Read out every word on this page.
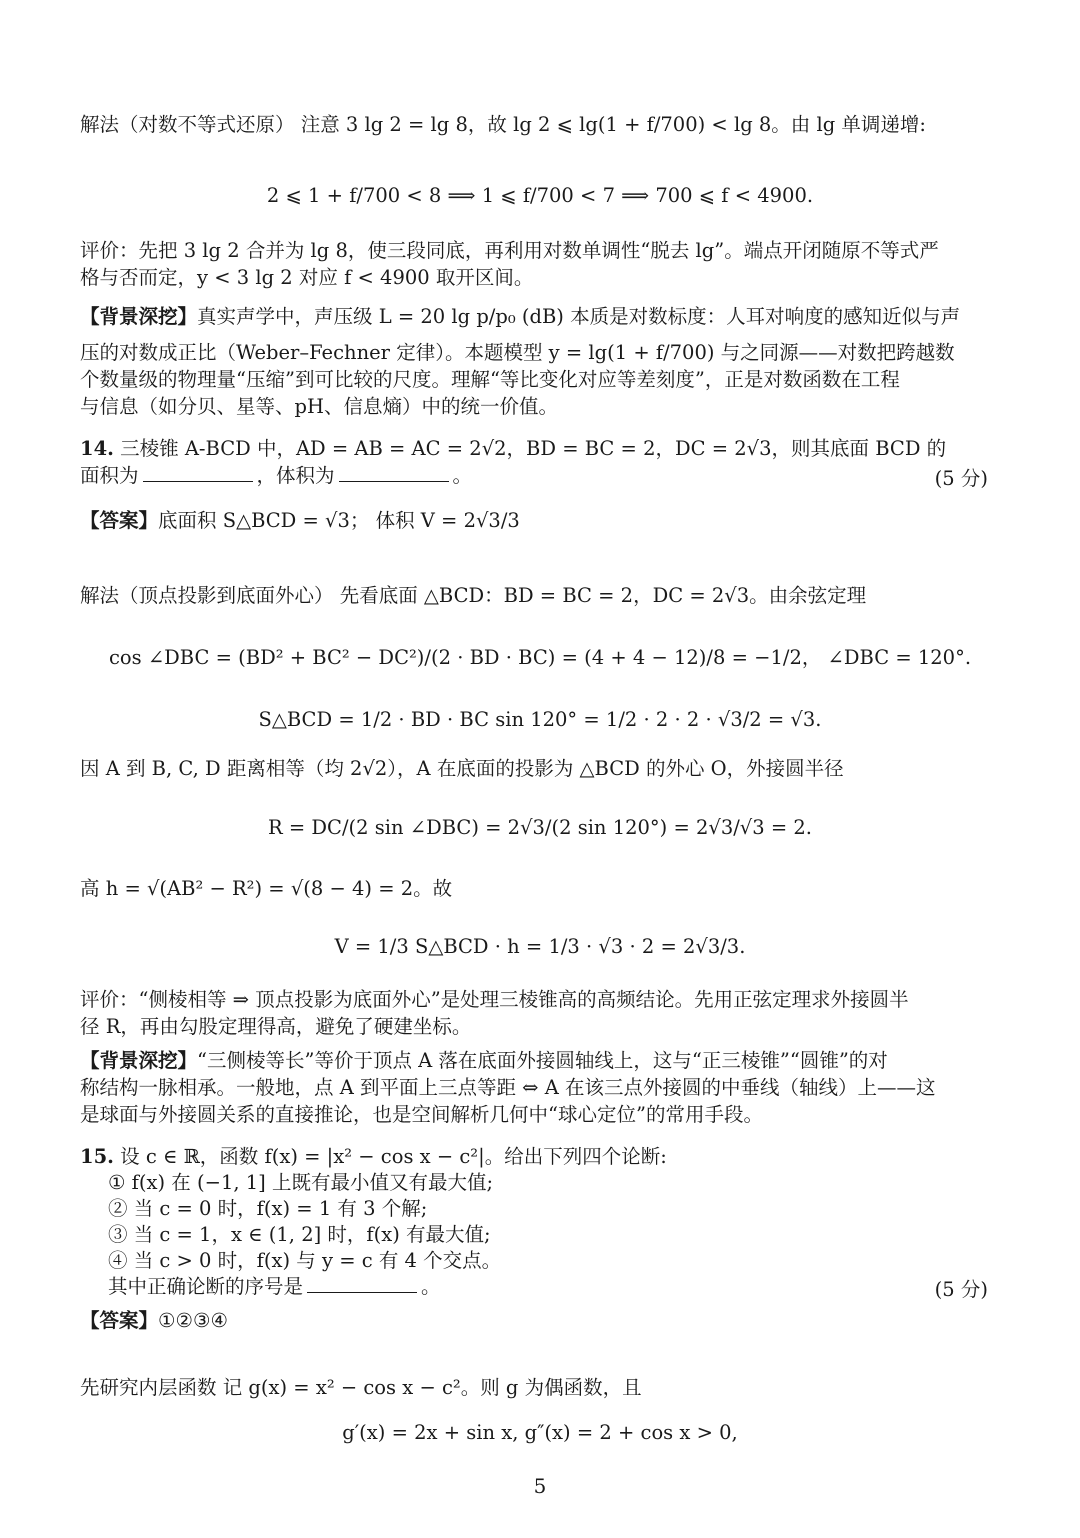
解法（对数不等式还原） 注意 3 lg 2 = lg 8，故 lg 2 ⩽ lg(1 + f/700) < lg 8。由 lg 单调递增:
2 ⩽ 1 + f/700 < 8 ⟹ 1 ⩽ f/700 < 7 ⟹ 700 ⩽ f < 4900.
评价：先把 3 lg 2 合并为 lg 8，使三段同底，再利用对数单调性“脱去 lg”。端点开闭随原不等式严
格与否而定，y < 3 lg 2 对应 f < 4900 取开区间。
【背景深挖】真实声学中，声压级 L = 20 lg p/p₀ (dB) 本质是对数标度：人耳对响度的感知近似与声
压的对数成正比（Weber–Fechner 定律）。本题模型 y = lg(1 + f/700) 与之同源——对数把跨越数
个数量级的物理量“压缩”到可比较的尺度。理解“等比变化对应等差刻度”，正是对数函数在工程
与信息（如分贝、星等、pH、信息熵）中的统一价值。
14. 三棱锥 A-BCD 中，AD = AB = AC = 2√2，BD = BC = 2，DC = 2√3，则其底面 BCD 的
面积为	，体积为	。	(5 分)
【答案】底面积 S△BCD = √3； 体积 V = 2√3/3
解法（顶点投影到底面外心） 先看底面 △BCD：BD = BC = 2，DC = 2√3。由余弦定理
cos ∠DBC = (BD² + BC² − DC²)/(2 · BD · BC) = (4 + 4 − 12)/8 = −1/2， ∠DBC = 120°.
S△BCD = 1/2 · BD · BC sin 120° = 1/2 · 2 · 2 · √3/2 = √3.
因 A 到 B, C, D 距离相等（均 2√2），A 在底面的投影为 △BCD 的外心 O，外接圆半径
R = DC/(2 sin ∠DBC) = 2√3/(2 sin 120°) = 2√3/√3 = 2.
高 h = √(AB² − R²) = √(8 − 4) = 2。故
V = 1/3 S△BCD · h = 1/3 · √3 · 2 = 2√3/3.
评价：“侧棱相等 ⇒ 顶点投影为底面外心”是处理三棱锥高的高频结论。先用正弦定理求外接圆半
径 R，再由勾股定理得高，避免了硬建坐标。
【背景深挖】“三侧棱等长”等价于顶点 A 落在底面外接圆轴线上，这与“正三棱锥”“圆锥”的对
称结构一脉相承。一般地，点 A 到平面上三点等距 ⇔ A 在该三点外接圆的中垂线（轴线）上——这
是球面与外接圆关系的直接推论，也是空间解析几何中“球心定位”的常用手段。
15. 设 c ∈ ℝ，函数 f(x) = |x² − cos x − c²|。给出下列四个论断:
① f(x) 在 (−1, 1] 上既有最小值又有最大值;
② 当 c = 0 时，f(x) = 1 有 3 个解;
③ 当 c = 1，x ∈ (1, 2] 时，f(x) 有最大值;
④ 当 c > 0 时，f(x) 与 y = c 有 4 个交点。
其中正确论断的序号是	。	(5 分)
【答案】①②③④
先研究内层函数 记 g(x) = x² − cos x − c²。则 g 为偶函数，且
g′(x) = 2x + sin x, g″(x) = 2 + cos x > 0,
5
